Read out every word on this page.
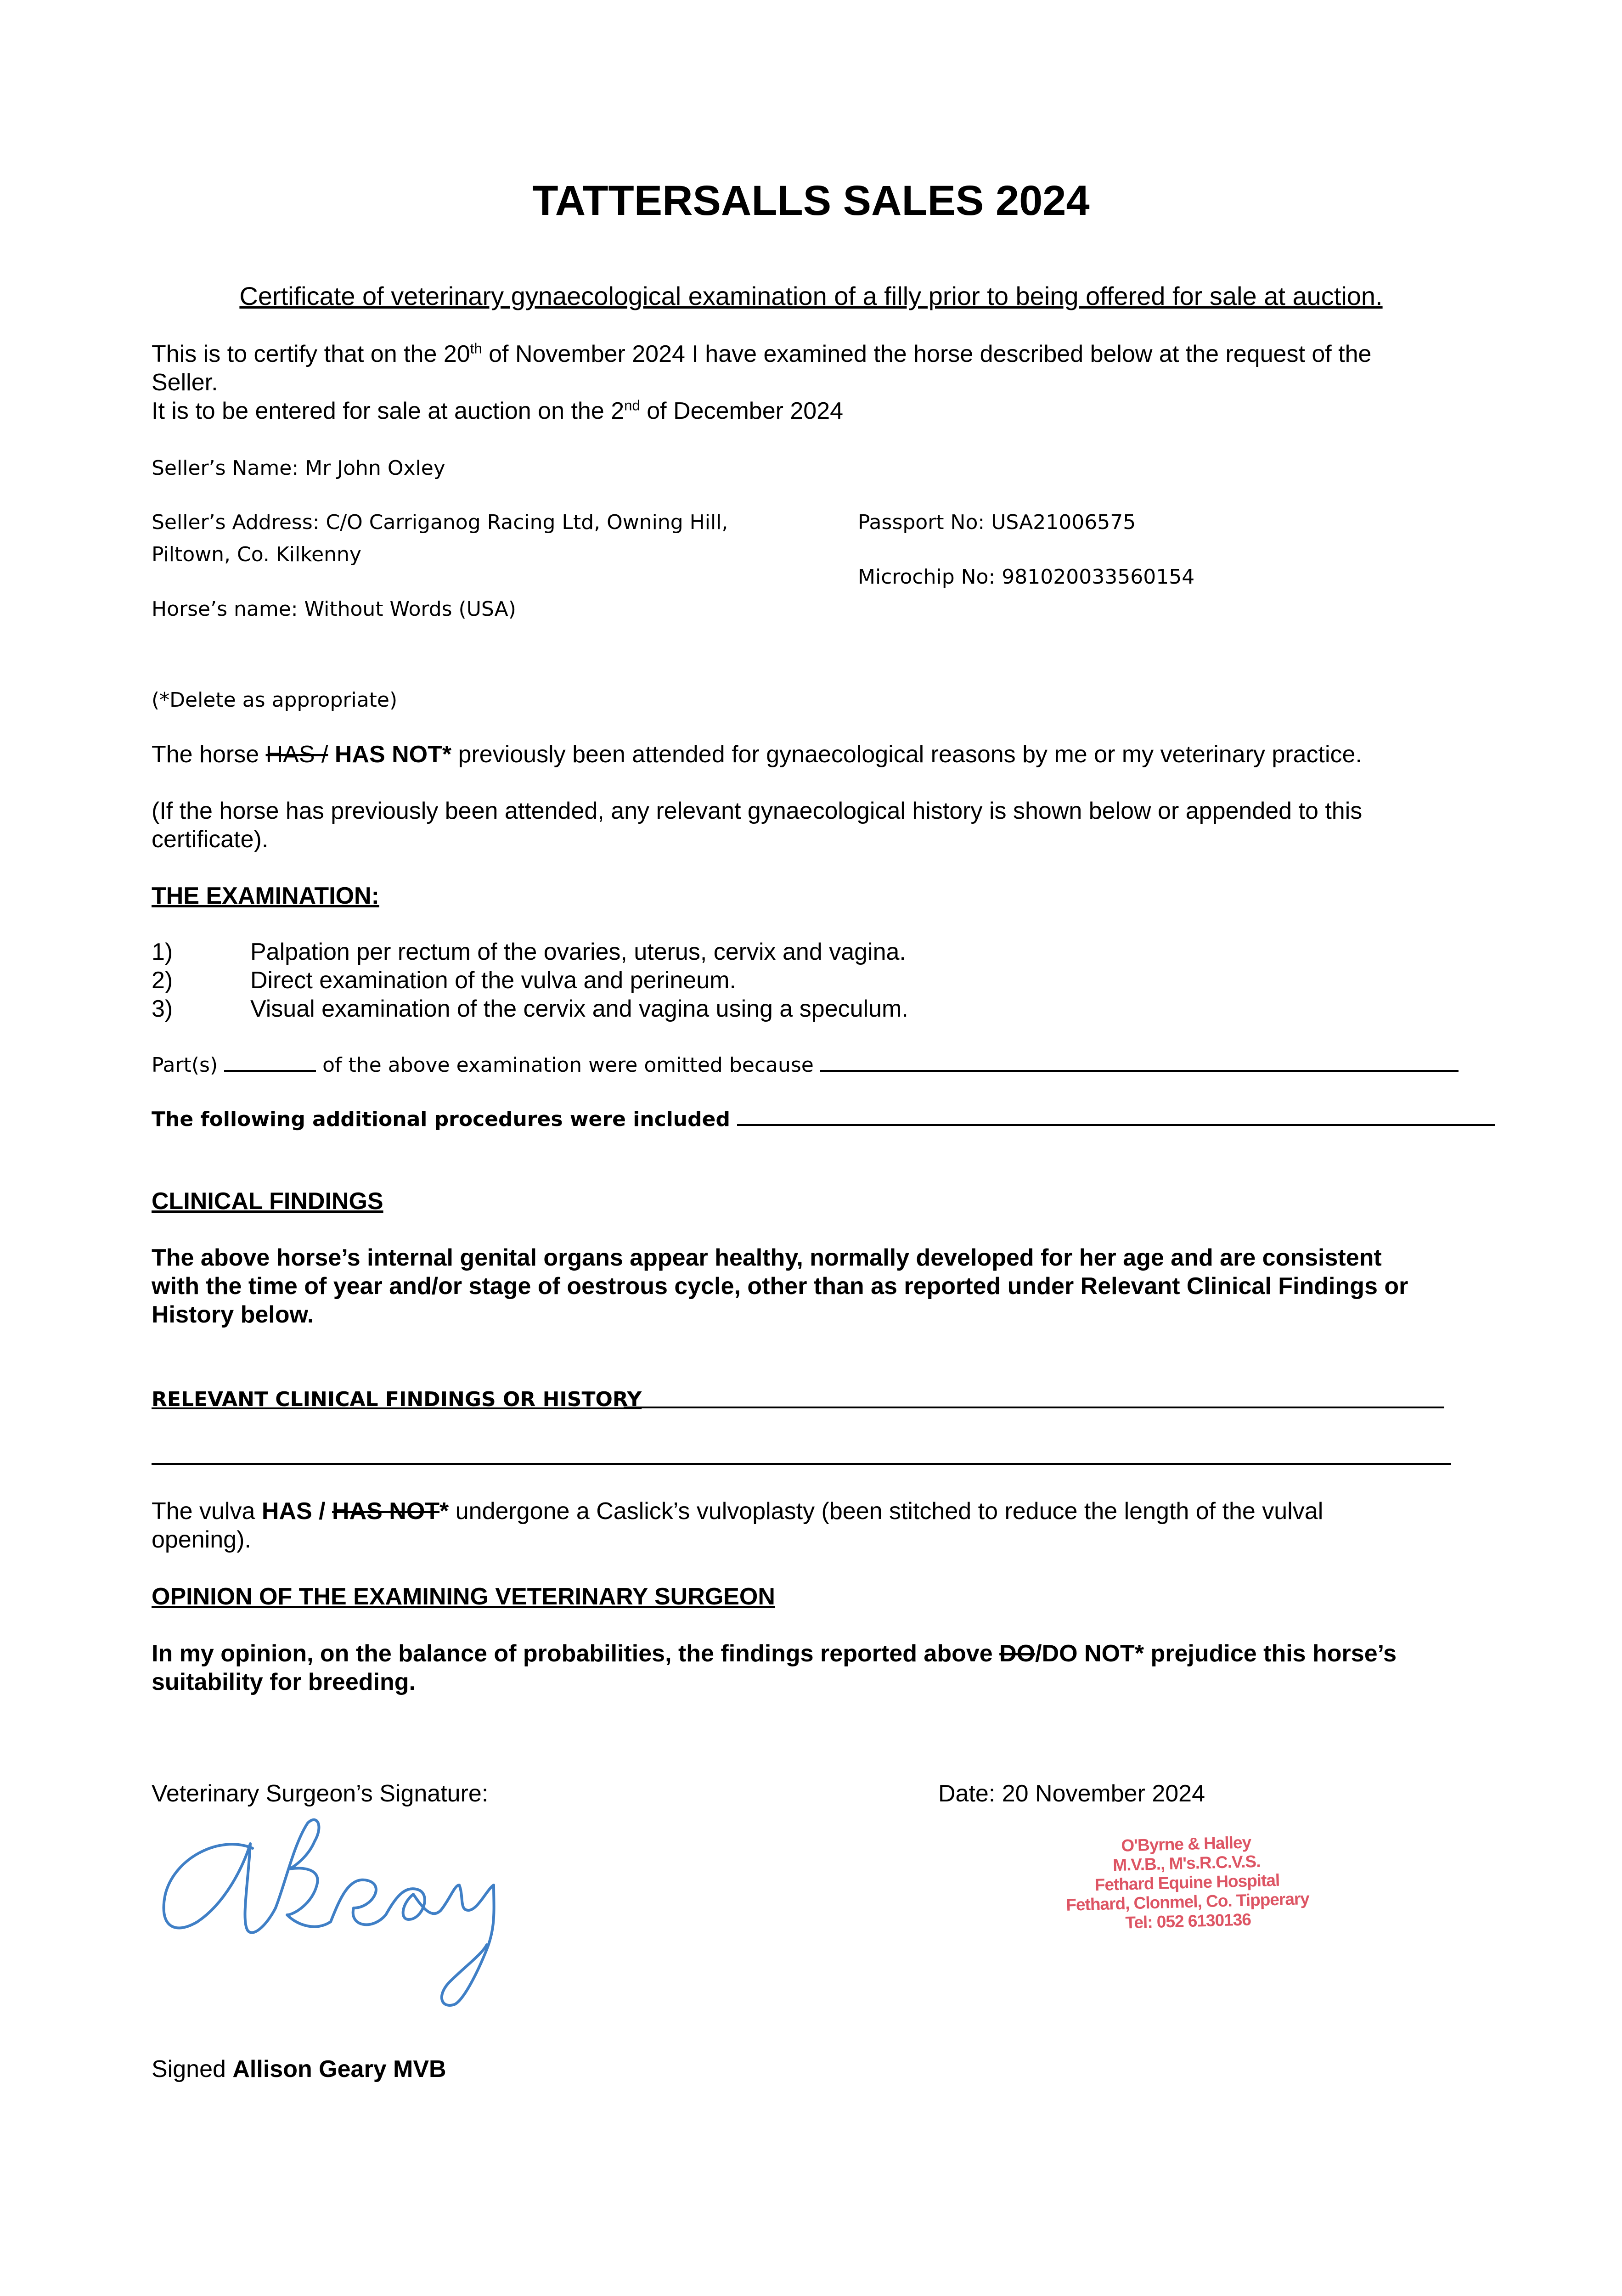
TATTERSALLS SALES 2024
Certificate of veterinary gynaecological examination of a filly prior to being offered for sale at auction.
This is to certify that on the 20th of November 2024 I have examined the horse described below at the request of the
Seller.
It is to be entered for sale at auction on the 2nd of December 2024
Seller’s Name: Mr John Oxley
Seller’s Address: C/O Carriganog Racing Ltd, Owning Hill,
Piltown, Co. Kilkenny
Horse’s name: Without Words (USA)
Passport No: USA21006575
Microchip No: 981020033560154
(*Delete as appropriate)
The horse HAS / HAS NOT* previously been attended for gynaecological reasons by me or my veterinary practice.
(If the horse has previously been attended, any relevant gynaecological history is shown below or appended to this
certificate).
THE EXAMINATION:
1)	Palpation per rectum of the ovaries, uterus, cervix and vagina.
2)	Direct examination of the vulva and perineum.
3)	Visual examination of the cervix and vagina using a speculum.
Part(s)	of the above examination were omitted because
The following additional procedures were included
CLINICAL FINDINGS
The above horse’s internal genital organs appear healthy, normally developed for her age and are consistent
with the time of year and/or stage of oestrous cycle, other than as reported under Relevant Clinical Findings or
History below.
RELEVANT CLINICAL FINDINGS OR HISTORY
The vulva HAS / HAS NOT* undergone a Caslick’s vulvoplasty (been stitched to reduce the length of the vulval
opening).
OPINION OF THE EXAMINING VETERINARY SURGEON
In my opinion, on the balance of probabilities, the findings reported above DO/DO NOT* prejudice this horse’s
suitability for breeding.
Veterinary Surgeon’s Signature:	Date: 20 November 2024
O'Byrne & Halley
M.V.B., M's.R.C.V.S.
Fethard Equine Hospital
Fethard, Clonmel, Co. Tipperary
Tel: 052 6130136
Signed Allison Geary MVB
